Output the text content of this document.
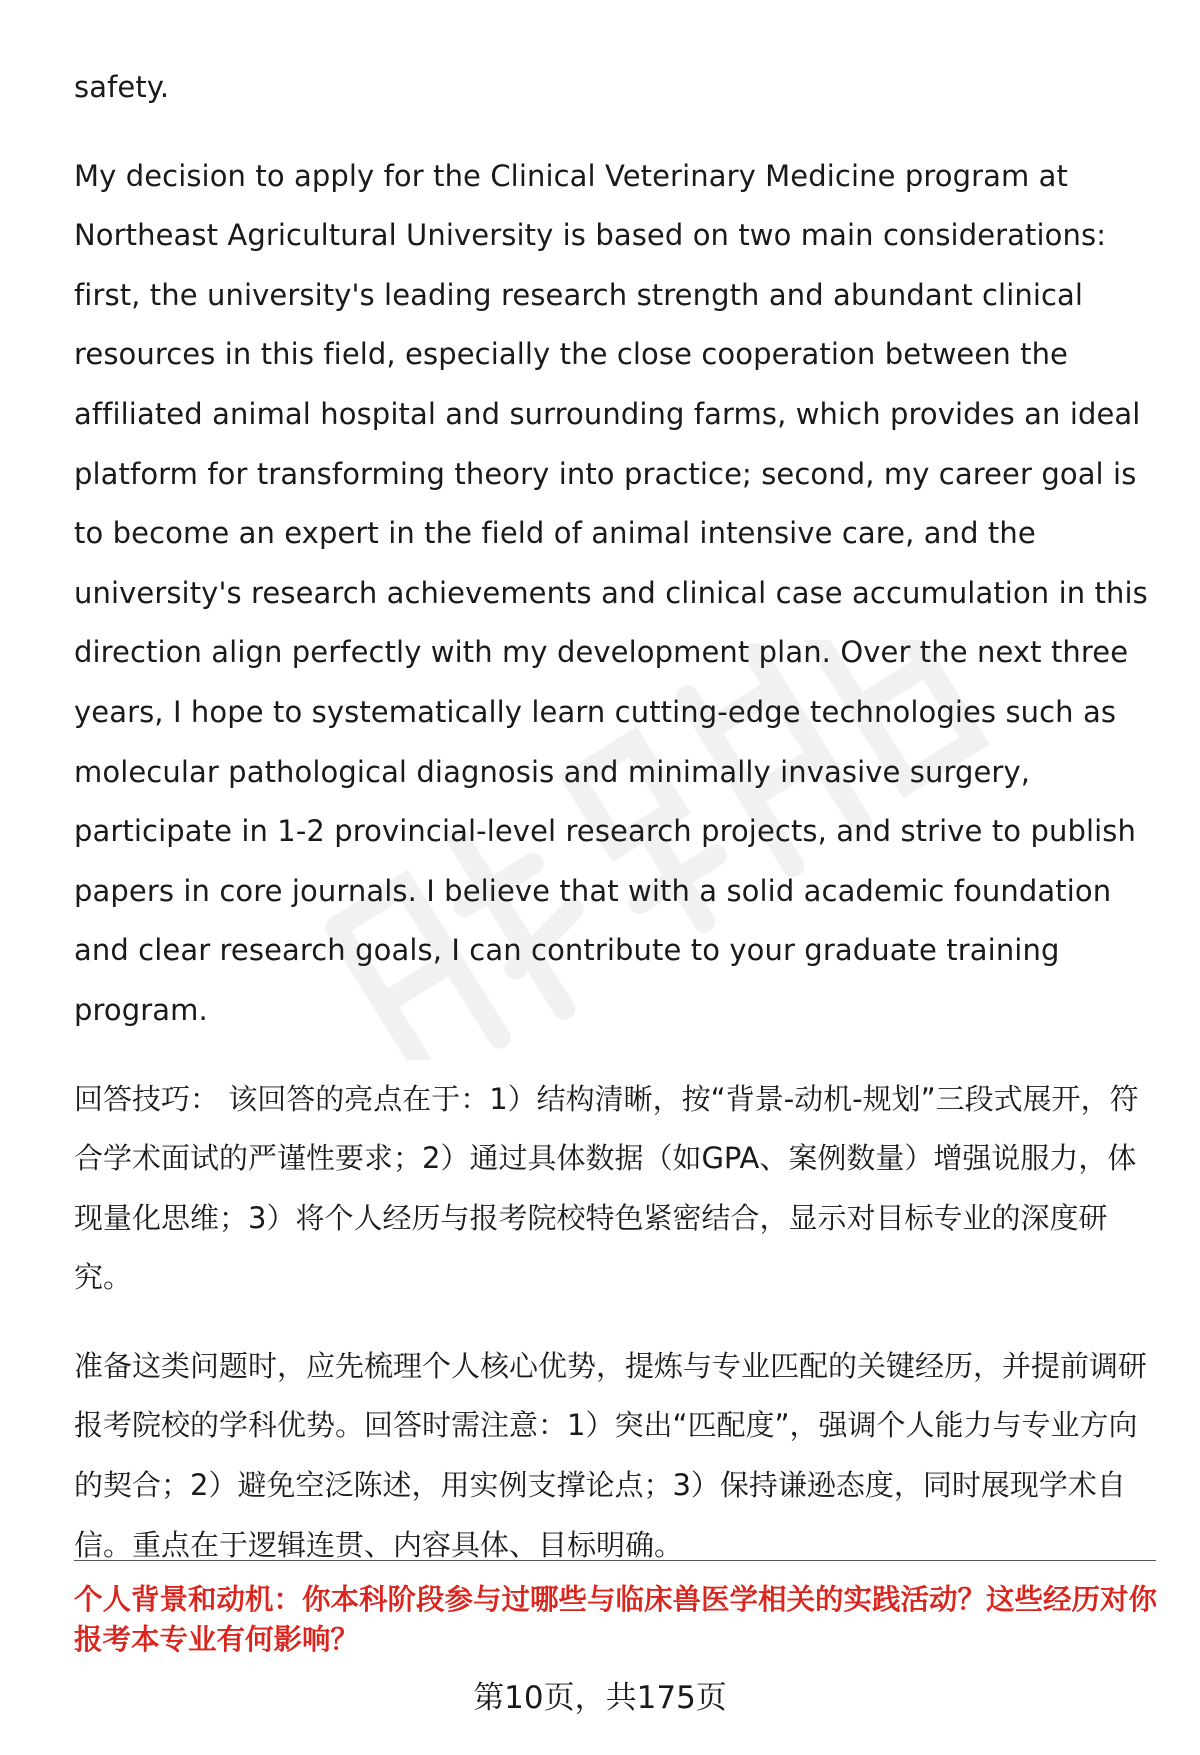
safety.

My decision to apply for the Clinical Veterinary Medicine program at Northeast Agricultural University is based on two main considerations: first, the university's leading research strength and abundant clinical resources in this field, especially the close cooperation between the affiliated animal hospital and surrounding farms, which provides an ideal platform for transforming theory into practice; second, my career goal is to become an expert in the field of animal intensive care, and the university's research achievements and clinical case accumulation in this direction align perfectly with my development plan. Over the next three years, I hope to systematically learn cutting-edge technologies such as molecular pathological diagnosis and minimally invasive surgery, participate in 1-2 provincial-level research projects, and strive to publish papers in core journals. I believe that with a solid academic foundation and clear research goals, I can contribute to your graduate training program.

回答技巧： 该回答的亮点在于：1）结构清晰，按“背景-动机-规划”三段式展开，符合学术面试的严谨性要求；2）通过具体数据（如GPA、案例数量）增强说服力，体现量化思维；3）将个人经历与报考院校特色紧密结合，显示对目标专业的深度研究。

准备这类问题时，应先梳理个人核心优势，提炼与专业匹配的关键经历，并提前调研报考院校的学科优势。回答时需注意：1）突出“匹配度”，强调个人能力与专业方向的契合；2）避免空泛陈述，用实例支撑论点；3）保持谦逊态度，同时展现学术自信。重点在于逻辑连贯、内容具体、目标明确。

个人背景和动机：你本科阶段参与过哪些与临床兽医学相关的实践活动？这些经历对你报考本专业有何影响？

第10页，共175页
